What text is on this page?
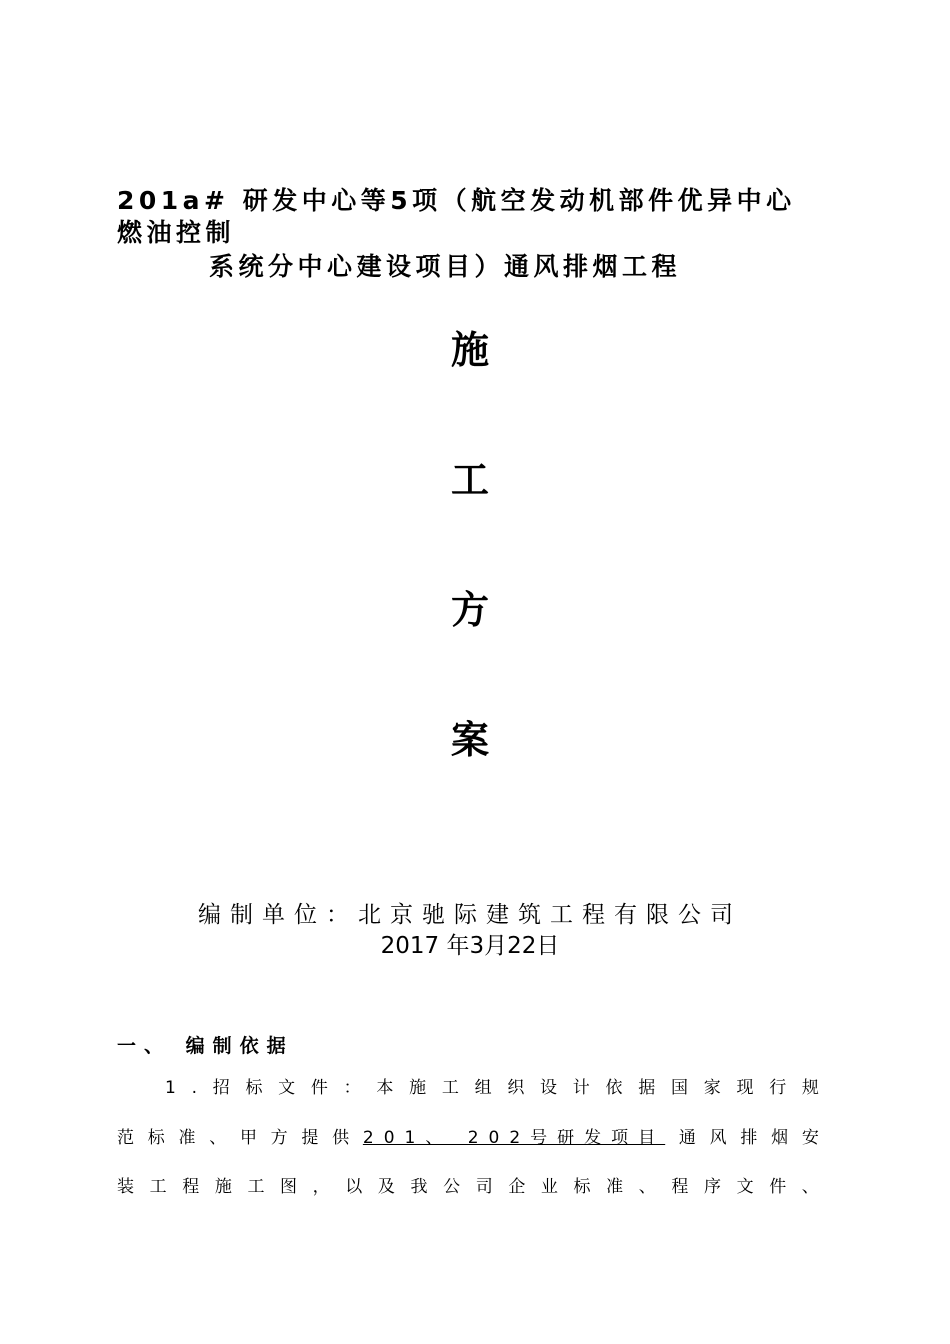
201a# 研发中心等5项（航空发动机部件优异中心
燃油控制
系统分中心建设项目）通风排烟工程
施
工
方
案
编制单位：北京驰际建筑工程有限公司
2017 年3月22日
一、 编制依据
1 . 招 标 文 件 ： 本 施 工 组 织 设 计 依 据 国 家 现 行 规
范 标 准 、 甲 方 提 供 201、 202号研发项目 通 风 排 烟 安
装 工 程 施 工 图 ， 以 及 我 公 司 企 业 标 准 、 程 序 文 件 、
